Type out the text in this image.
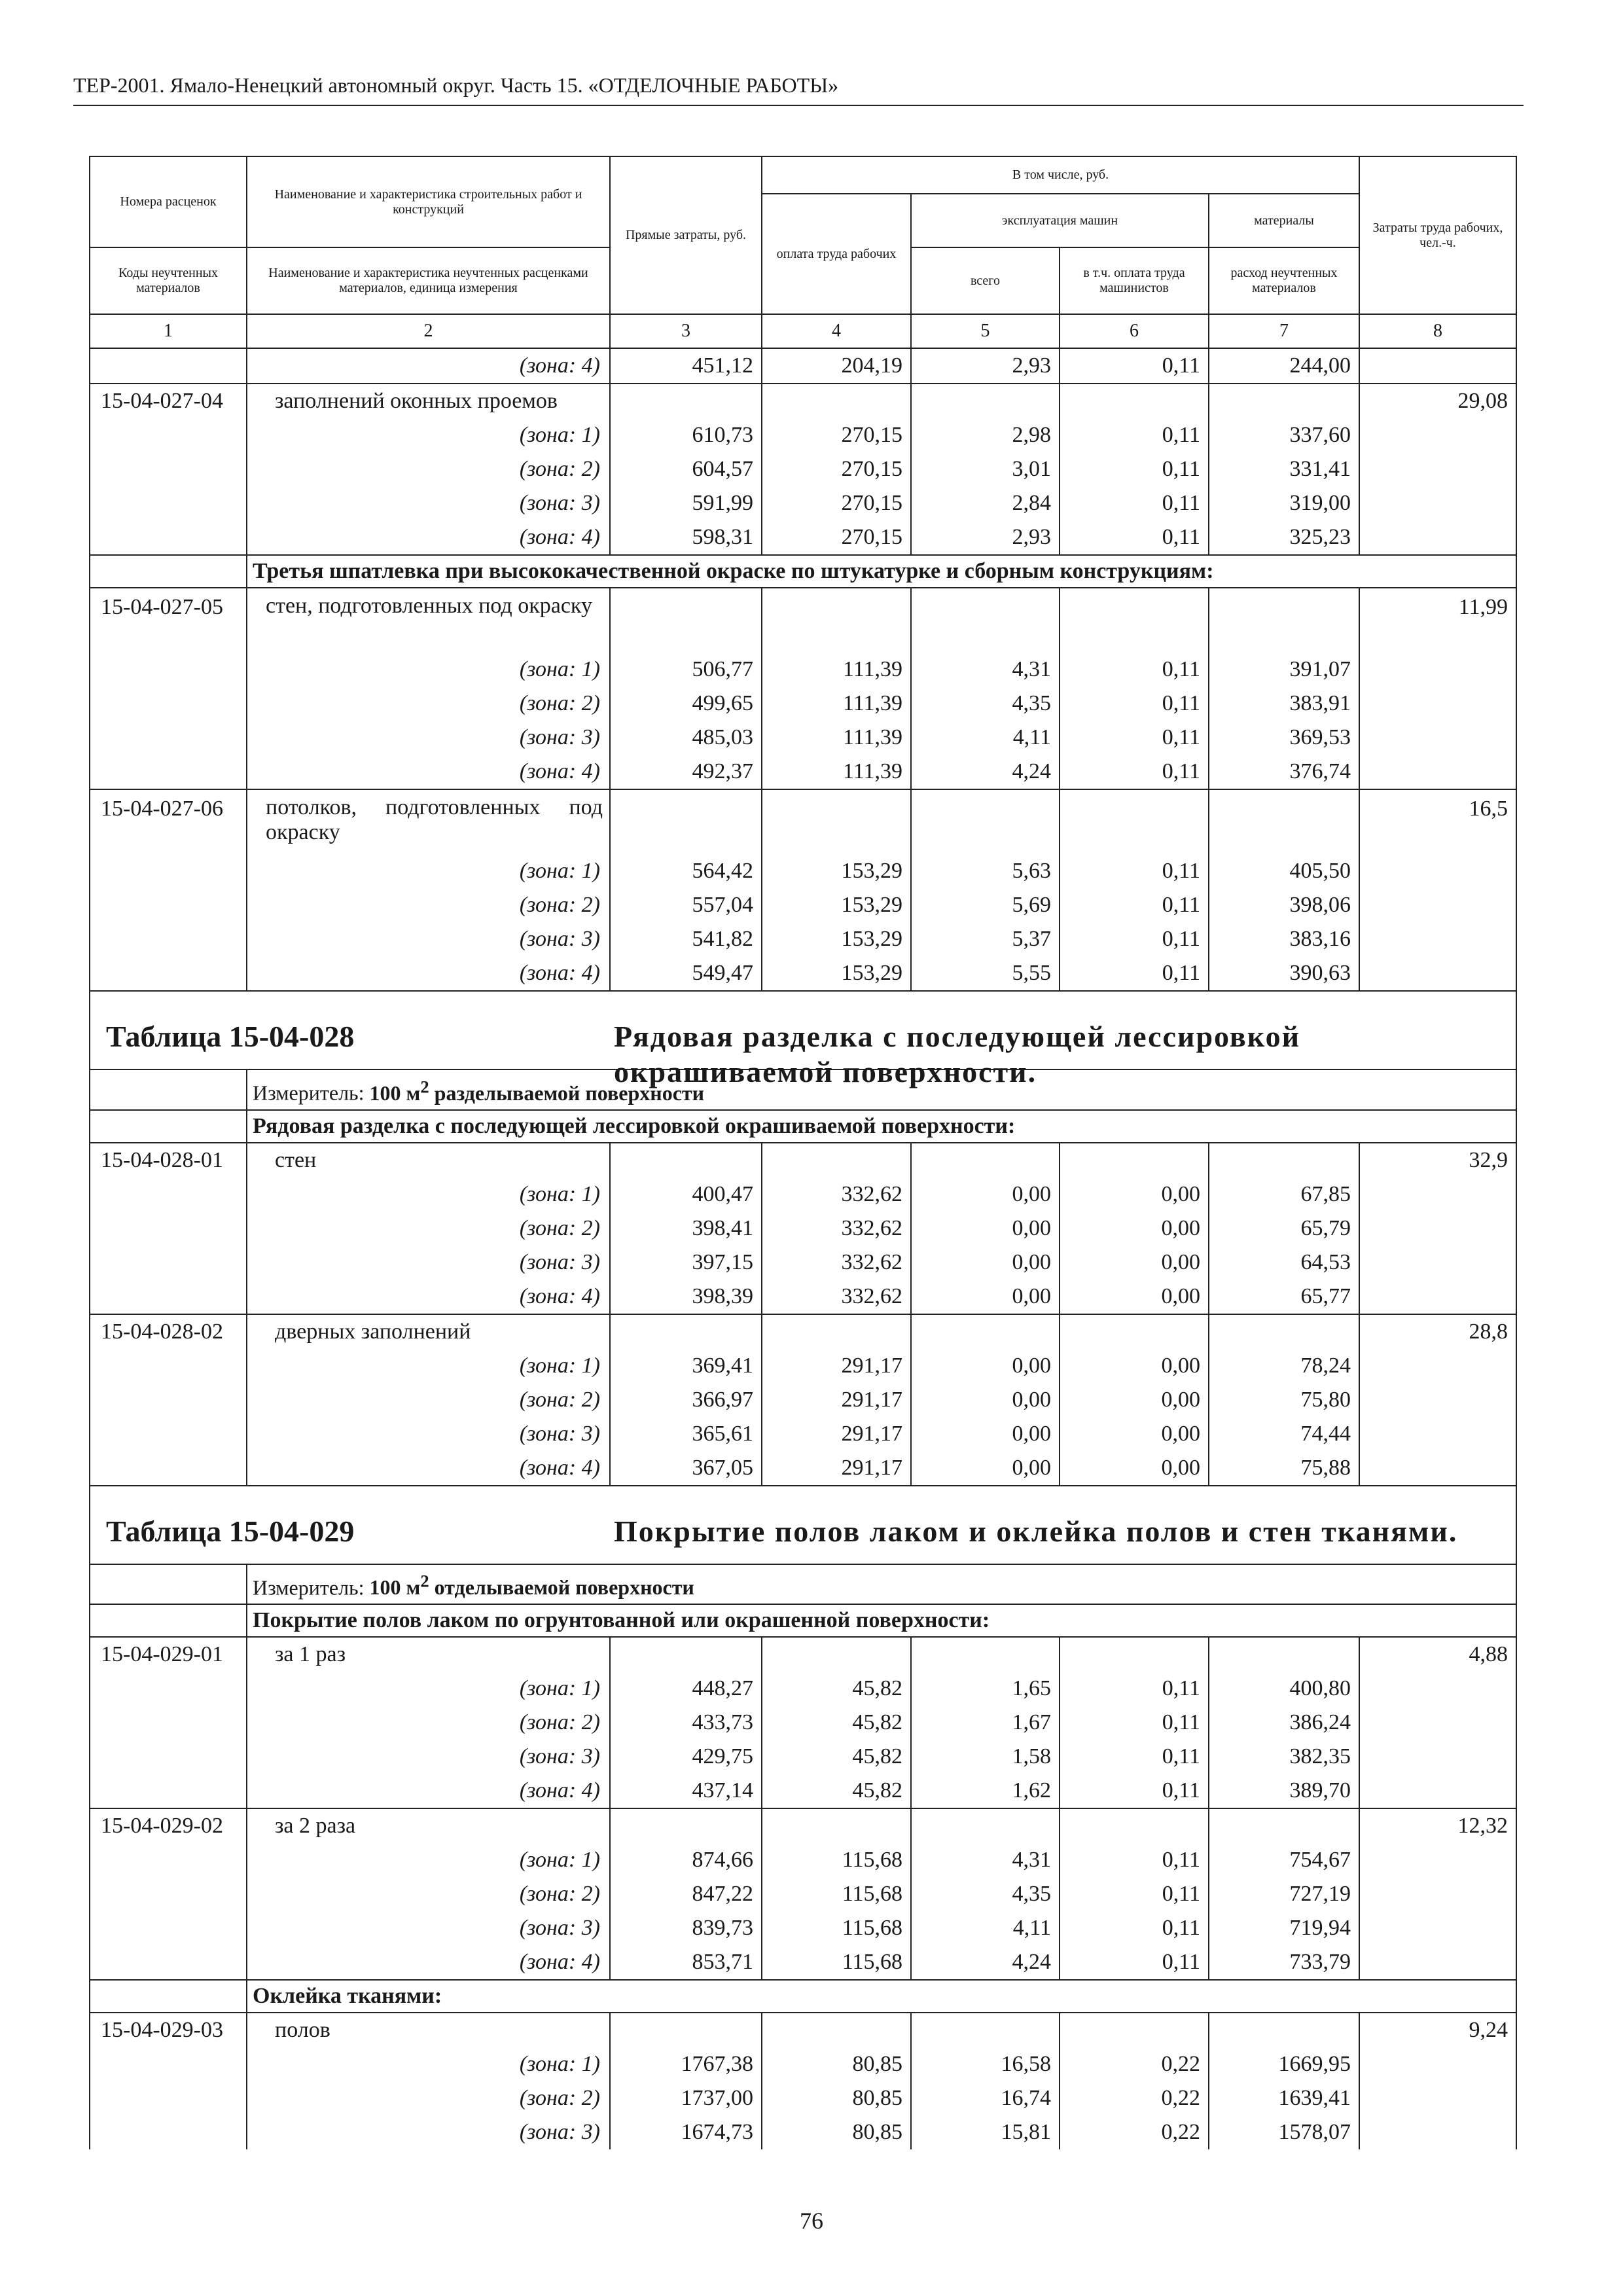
ТЕР-2001. Ямало-Ненецкий автономный округ. Часть 15. «ОТДЕЛОЧНЫЕ РАБОТЫ»
Номера расценок	Наименование и характеристика строительных работ и конструкций	Прямые затраты, руб.	В том числе, руб.				Затраты труда рабочих, чел.-ч.
			оплата труда рабочих	эксплуатация машин		материалы	
Коды неучтенных материалов	Наименование и характеристика неучтенных расценками материалов, единица измерения			всего	в т.ч. оплата труда машинистов	расход неучтенных материалов	
1	2	3	4	5	6	7	8
	(зона: 4)	451,12	204,19	2,93	0,11	244,00	
15-04-027-04	заполнений оконных проемов						29,08
	(зона: 1)	610,73	270,15	2,98	0,11	337,60	
	(зона: 2)	604,57	270,15	3,01	0,11	331,41	
	(зона: 3)	591,99	270,15	2,84	0,11	319,00	
	(зона: 4)	598,31	270,15	2,93	0,11	325,23	
	Третья шпатлевка при высококачественной окраске по штукатурке и сборным конструкциям:						
15-04-027-05	стен, подготовленных под окраску						11,99
	(зона: 1)	506,77	111,39	4,31	0,11	391,07	
	(зона: 2)	499,65	111,39	4,35	0,11	383,91	
	(зона: 3)	485,03	111,39	4,11	0,11	369,53	
	(зона: 4)	492,37	111,39	4,24	0,11	376,74	
15-04-027-06	потолков, подготовленных под окраску						16,5
	(зона: 1)	564,42	153,29	5,63	0,11	405,50	
	(зона: 2)	557,04	153,29	5,69	0,11	398,06	
	(зона: 3)	541,82	153,29	5,37	0,11	383,16	
	(зона: 4)	549,47	153,29	5,55	0,11	390,63	

Таблица 15-04-028 Рядовая разделка с последующей лессировкой окрашиваемой поверхности.							

	Измеритель: 100 $м^2$ разделываемой поверхности						
	Рядовая разделка с последующей лессировкой окрашиваемой поверхности:						
15-04-028-01	стен						32,9
	(зона: 1)	400,47	332,62	0,00	0,00	67,85	
	(зона: 2)	398,41	332,62	0,00	0,00	65,79	
	(зона: 3)	397,15	332,62	0,00	0,00	64,53	
	(зона: 4)	398,39	332,62	0,00	0,00	65,77	
15-04-028-02	дверных заполнений						28,8
	(зона: 1)	369,41	291,17	0,00	0,00	78,24	
	(зона: 2)	366,97	291,17	0,00	0,00	75,80	
	(зона: 3)	365,61	291,17	0,00	0,00	74,44	
	(зона: 4)	367,05	291,17	0,00	0,00	75,88	

Таблица 15-04-029 Покрытие полов лаком и оклейка полов и стен тканями.							

	Измеритель: 100 $м^2$ отделываемой поверхности						
	Покрытие полов лаком по огрунтованной или окрашенной поверхности:						
15-04-029-01	за 1 раз						4,88
	(зона: 1)	448,27	45,82	1,65	0,11	400,80	
	(зона: 2)	433,73	45,82	1,67	0,11	386,24	
	(зона: 3)	429,75	45,82	1,58	0,11	382,35	
	(зона: 4)	437,14	45,82	1,62	0,11	389,70	
15-04-029-02	за 2 раза						12,32
	(зона: 1)	874,66	115,68	4,31	0,11	754,67	
	(зона: 2)	847,22	115,68	4,35	0,11	727,19	
	(зона: 3)	839,73	115,68	4,11	0,11	719,94	
	(зона: 4)	853,71	115,68	4,24	0,11	733,79	
	Оклейка тканями:						
15-04-029-03	полов						9,24
	(зона: 1)	1767,38	80,85	16,58	0,22	1669,95	
	(зона: 2)	1737,00	80,85	16,74	0,22	1639,41	
	(зона: 3)	1674,73	80,85	15,81	0,22	1578,07	
76
